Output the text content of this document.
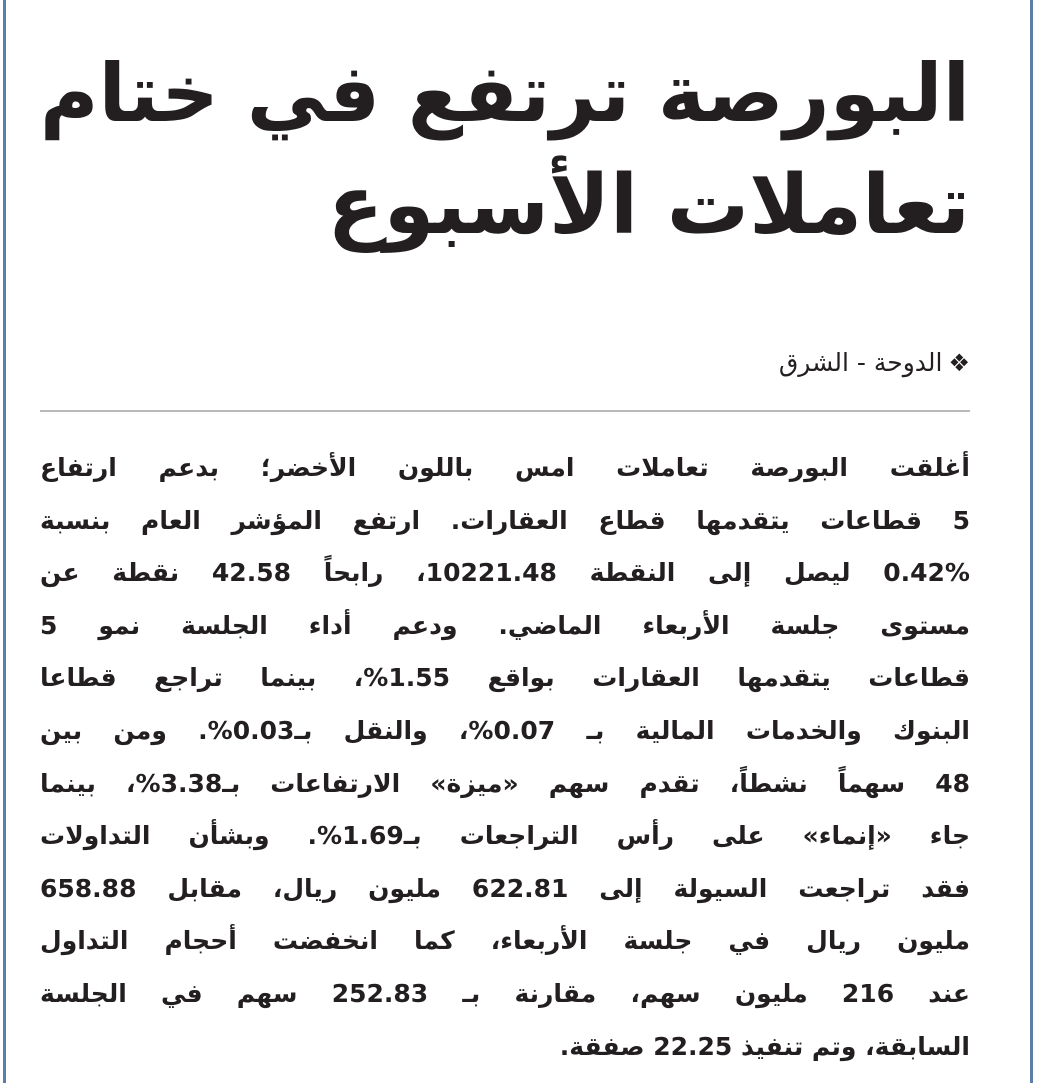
البورصة ترتفع في ختام
تعاملات الأسبوع
❖
الدوحة - الشرق
أغلقت البورصة تعاملات امس باللون الأخضر؛ بدعم ارتفاع
5 قطاعات يتقدمها قطاع العقارات. ارتفع المؤشر العام بنسبة
0.42% ليصل إلى النقطة 10221.48، رابحاً 42.58 نقطة عن
مستوى جلسة الأربعاء الماضي. ودعم أداء الجلسة نمو 5
قطاعات يتقدمها العقارات بواقع 1.55%، بينما تراجع قطاعا
البنوك والخدمات المالية بـ 0.07%، والنقل بـ0.03%. ومن بين
48 سهماً نشطاً، تقدم سهم «ميزة» الارتفاعات بـ3.38%، بينما
جاء «إنماء» على رأس التراجعات بـ1.69%. وبشأن التداولات
فقد تراجعت السيولة إلى 622.81 مليون ريال، مقابل 658.88
مليون ريال في جلسة الأربعاء، كما انخفضت أحجام التداول
عند 216 مليون سهم، مقارنة بـ 252.83 سهم في الجلسة
السابقة، وتم تنفيذ 22.25 صفقة.
